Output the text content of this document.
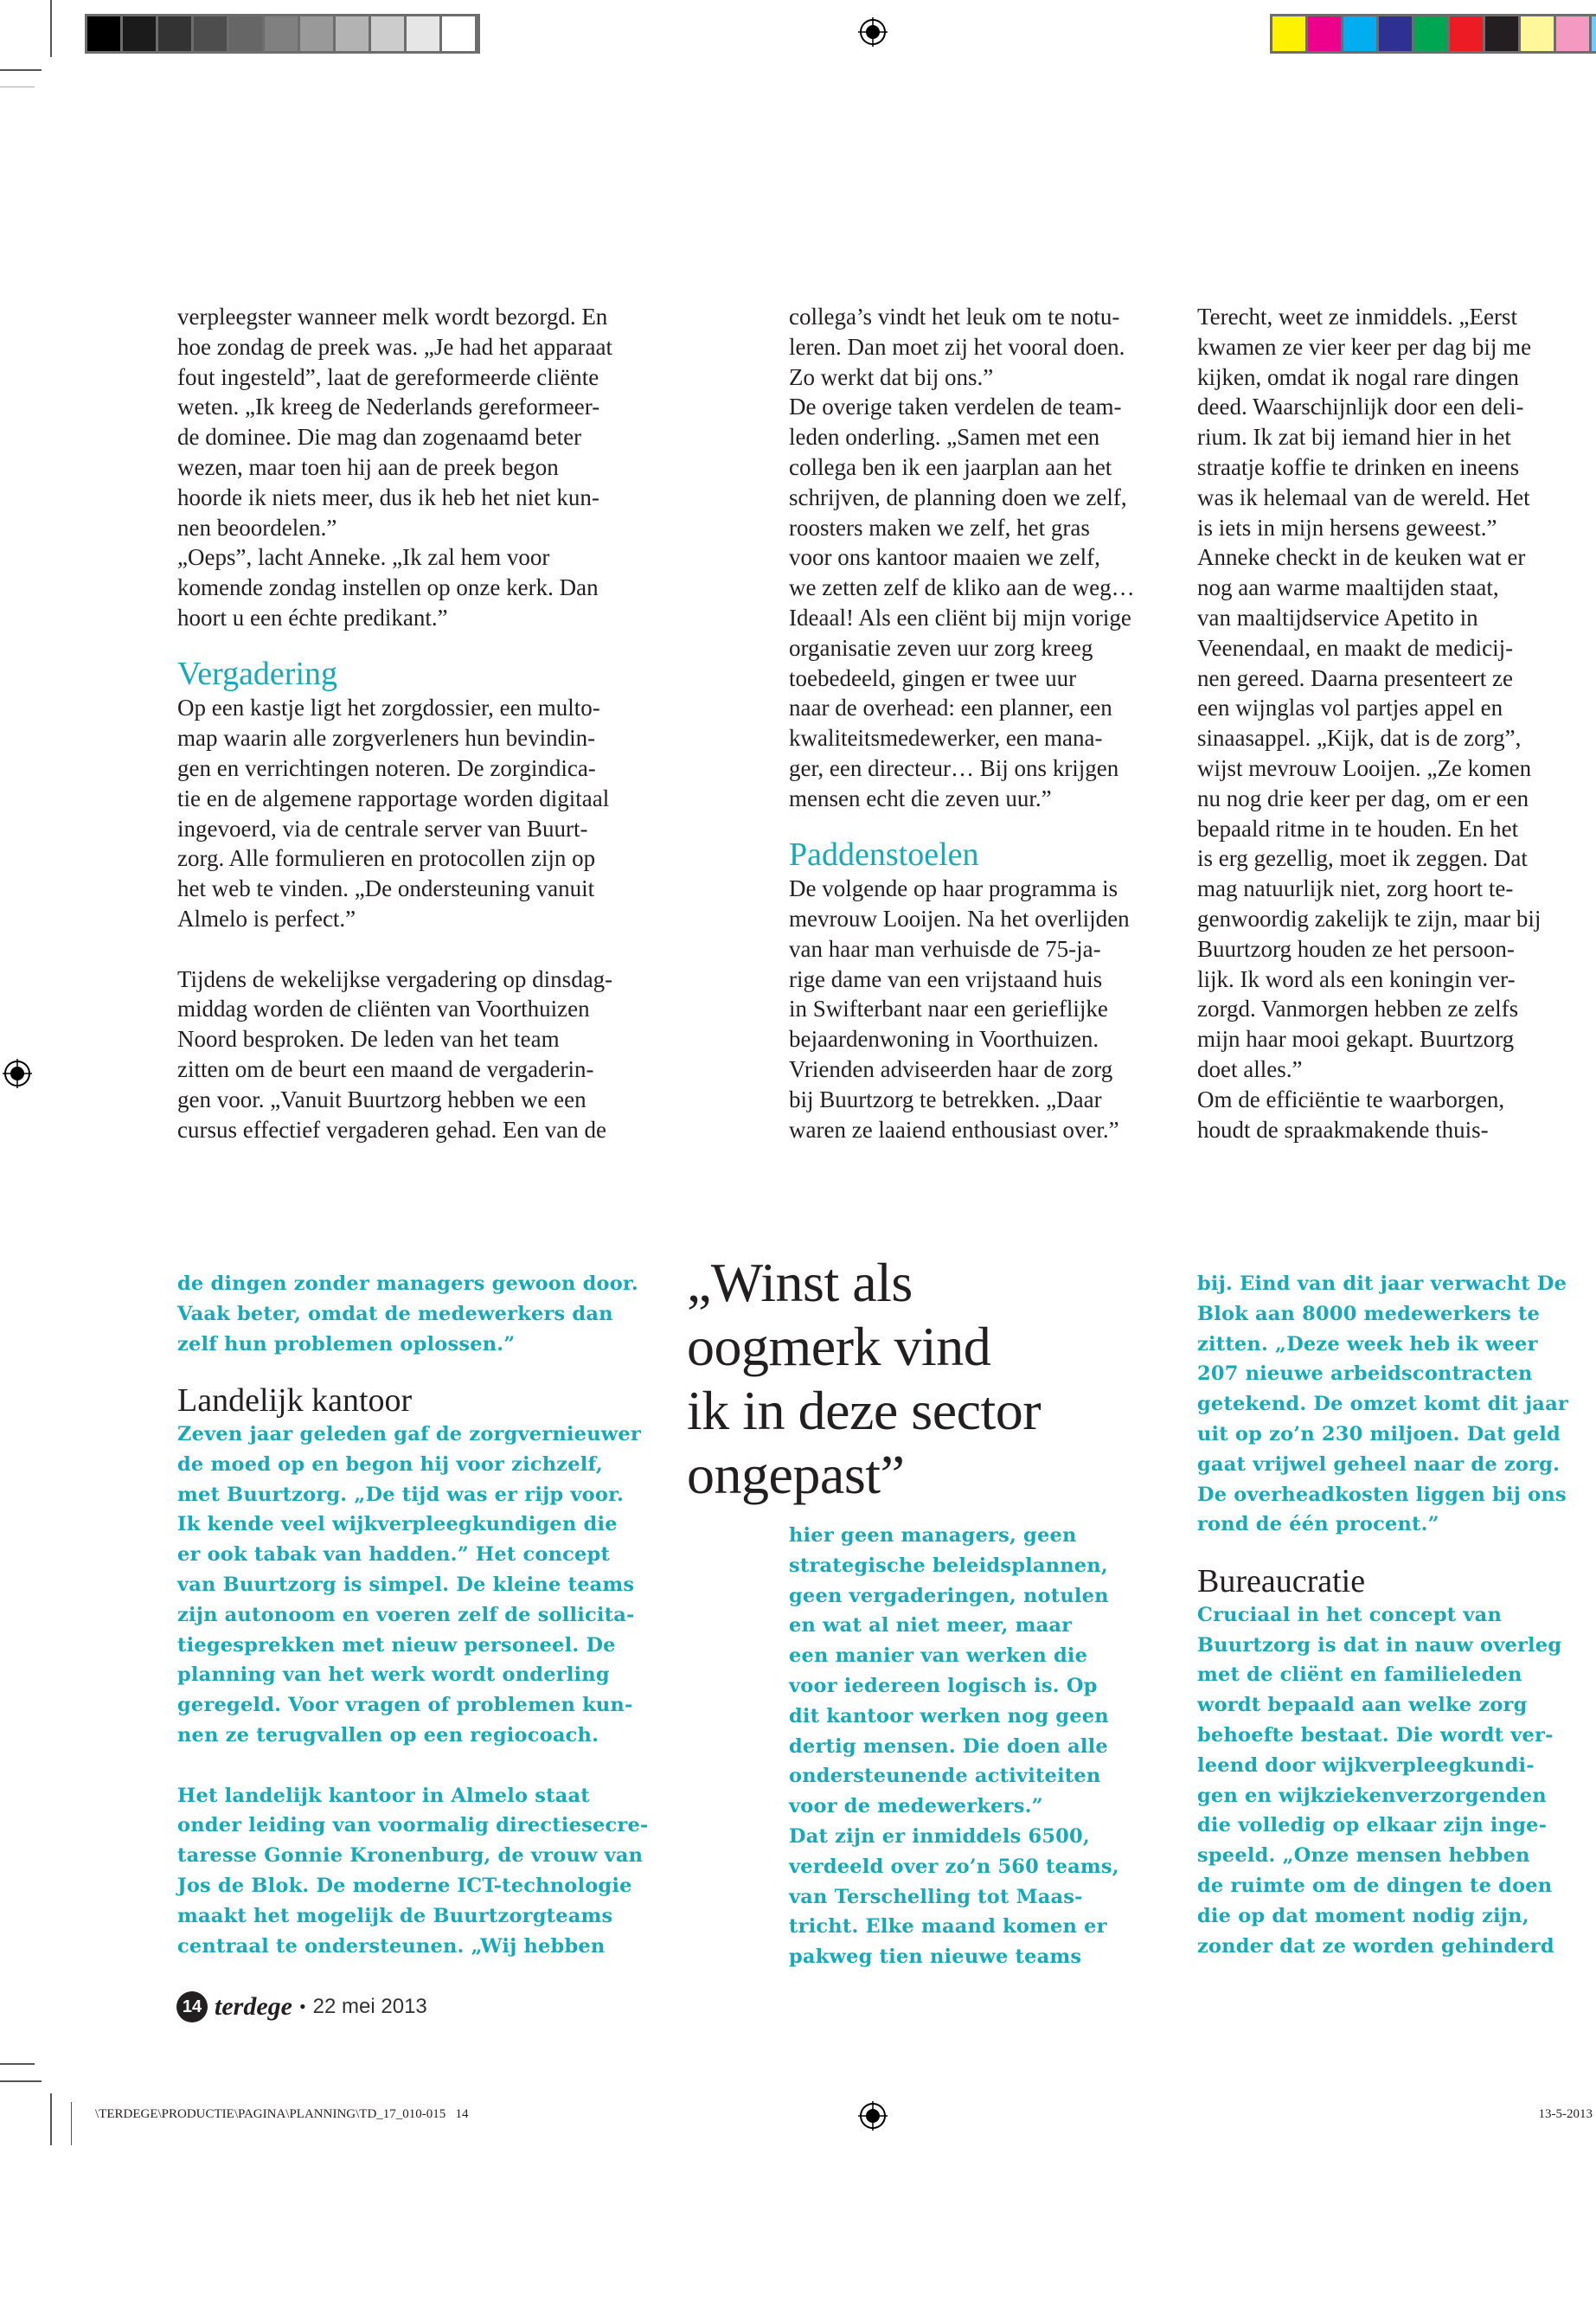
verpleegster wanneer melk wordt bezorgd. En
hoe zondag de preek was. „Je had het apparaat
fout ingesteld”, laat de gereformeerde cliënte
weten. „Ik kreeg de Nederlands gereformeer-
de dominee. Die mag dan zogenaamd beter
wezen, maar toen hij aan de preek begon
hoorde ik niets meer, dus ik heb het niet kun-
nen beoordelen.”
„Oeps”, lacht Anneke. „Ik zal hem voor
komende zondag instellen op onze kerk. Dan
hoort u een échte predikant.”
Vergadering
Op een kastje ligt het zorgdossier, een multo-
map waarin alle zorgverleners hun bevindin-
gen en verrichtingen noteren. De zorgindica-
tie en de algemene rapportage worden digitaal
ingevoerd, via de centrale server van Buurt-
zorg. Alle formulieren en protocollen zijn op
het web te vinden. „De ondersteuning vanuit
Almelo is perfect.”
Tijdens de wekelijkse vergadering op dinsdag-
middag worden de cliënten van Voorthuizen
Noord besproken. De leden van het team
zitten om de beurt een maand de vergaderin-
gen voor. „Vanuit Buurtzorg hebben we een
cursus effectief vergaderen gehad. Een van de
collega’s vindt het leuk om te notu-
leren. Dan moet zij het vooral doen.
Zo werkt dat bij ons.”
De overige taken verdelen de team-
leden onderling. „Samen met een
collega ben ik een jaarplan aan het
schrijven, de planning doen we zelf,
roosters maken we zelf, het gras
voor ons kantoor maaien we zelf,
we zetten zelf de kliko aan de weg…
Ideaal! Als een cliënt bij mijn vorige
organisatie zeven uur zorg kreeg
toebedeeld, gingen er twee uur
naar de overhead: een planner, een
kwaliteitsmedewerker, een mana-
ger, een directeur… Bij ons krijgen
mensen echt die zeven uur.”
Paddenstoelen
De volgende op haar programma is
mevrouw Looijen. Na het overlijden
van haar man verhuisde de 75-ja-
rige dame van een vrijstaand huis
in Swifterbant naar een gerieflijke
bejaardenwoning in Voorthuizen.
Vrienden adviseerden haar de zorg
bij Buurtzorg te betrekken. „Daar
waren ze laaiend enthousiast over.”
Terecht, weet ze inmiddels. „Eerst
kwamen ze vier keer per dag bij me
kijken, omdat ik nogal rare dingen
deed. Waarschijnlijk door een deli-
rium. Ik zat bij iemand hier in het
straatje koffie te drinken en ineens
was ik helemaal van de wereld. Het
is iets in mijn hersens geweest.”
Anneke checkt in de keuken wat er
nog aan warme maaltijden staat,
van maaltijdservice Apetito in
Veenendaal, en maakt de medicij-
nen gereed. Daarna presenteert ze
een wijnglas vol partjes appel en
sinaasappel. „Kijk, dat is de zorg”,
wijst mevrouw Looijen. „Ze komen
nu nog drie keer per dag, om er een
bepaald ritme in te houden. En het
is erg gezellig, moet ik zeggen. Dat
mag natuurlijk niet, zorg hoort te-
genwoordig zakelijk te zijn, maar bij
Buurtzorg houden ze het persoon-
lijk. Ik word als een koningin ver-
zorgd. Vanmorgen hebben ze zelfs
mijn haar mooi gekapt. Buurtzorg
doet alles.”
Om de efficiëntie te waarborgen,
houdt de spraakmakende thuis-
de dingen zonder managers gewoon door.
Vaak beter, omdat de medewerkers dan
zelf hun problemen oplossen.”
Landelijk kantoor
Zeven jaar geleden gaf de zorgvernieuwer
de moed op en begon hij voor zichzelf,
met Buurtzorg. „De tijd was er rijp voor.
Ik kende veel wijkverpleegkundigen die
er ook tabak van hadden.” Het concept
van Buurtzorg is simpel. De kleine teams
zijn autonoom en voeren zelf de sollicita-
tiegesprekken met nieuw personeel. De
planning van het werk wordt onderling
geregeld. Voor vragen of problemen kun-
nen ze terugvallen op een regiocoach.
Het landelijk kantoor in Almelo staat
onder leiding van voormalig directiesecre-
taresse Gonnie Kronenburg, de vrouw van
Jos de Blok. De moderne ICT-technologie
maakt het mogelijk de Buurtzorgteams
centraal te ondersteunen. „Wij hebben
hier geen managers, geen
strategische beleidsplannen,
geen vergaderingen, notulen
en wat al niet meer, maar
een manier van werken die
voor iedereen logisch is. Op
dit kantoor werken nog geen
dertig mensen. Die doen alle
ondersteunende activiteiten
voor de medewerkers.”
Dat zijn er inmiddels 6500,
verdeeld over zo’n 560 teams,
van Terschelling tot Maas-
tricht. Elke maand komen er
pakweg tien nieuwe teams
bij. Eind van dit jaar verwacht De
Blok aan 8000 medewerkers te
zitten. „Deze week heb ik weer
207 nieuwe arbeidscontracten
getekend. De omzet komt dit jaar
uit op zo’n 230 miljoen. Dat geld
gaat vrijwel geheel naar de zorg.
De overheadkosten liggen bij ons
rond de één procent.”
Bureaucratie
Cruciaal in het concept van
Buurtzorg is dat in nauw overleg
met de cliënt en familieleden
wordt bepaald aan welke zorg
behoefte bestaat. Die wordt ver-
leend door wijkverpleegkundi-
gen en wijkziekenverzorgenden
die volledig op elkaar zijn inge-
speeld. „Onze mensen hebben
de ruimte om de dingen te doen
die op dat moment nodig zijn,
zonder dat ze worden gehinderd
„Winst als
oogmerk vind
ik in deze sector
ongepast”
14 terdege • 22 mei 2013
\TERDEGE\PRODUCTIE\PAGINA\PLANNING\TD_17_010-015   14	13-5-2013
